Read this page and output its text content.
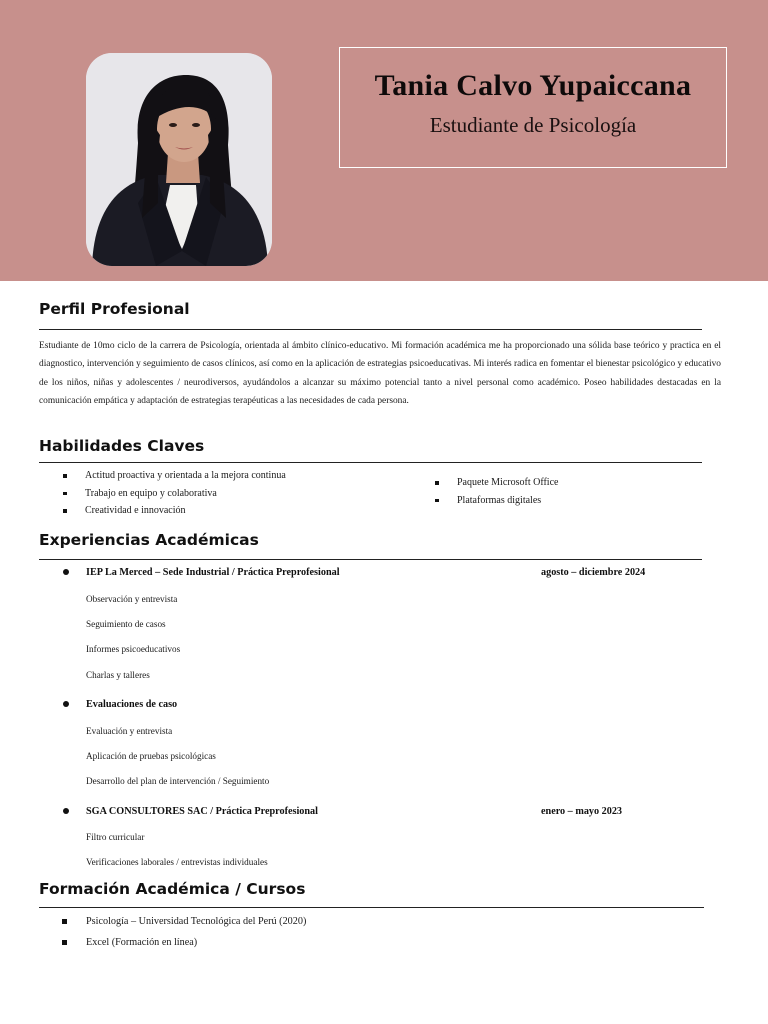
Tania Calvo Yupaiccana
Estudiante de Psicología
Perfil Profesional

Estudiante de 10mo ciclo de la carrera de Psicología, orientada al ámbito clínico-educativo. Mi formación académica me ha proporcionado una sólida base teórico y practica en el diagnostico, intervención y seguimiento de casos clínicos, así como en la aplicación de estrategias psicoeducativas. Mi interés radica en fomentar el bienestar psicológico y educativo de los niños, niñas y adolescentes / neurodiversos, ayudándolos a alcanzar su máximo potencial tanto a nivel personal como académico. Poseo habilidades destacadas en la comunicación empática y adaptación de estrategias terapéuticas a las necesidades de cada persona.

Habilidades Claves
Actitud proactiva y orientada a la mejora continua
Trabajo en equipo y colaborativa
Creatividad e innovación
Paquete Microsoft Office
Plataformas digitales
Experiencias Académicas
IEP La Merced – Sede Industrial / Práctica Preprofesional	agosto – diciembre 2024
Observación y entrevista
Seguimiento de casos
Informes psicoeducativos
Charlas y talleres
Evaluaciones de caso
Evaluación y entrevista
Aplicación de pruebas psicológicas
Desarrollo del plan de intervención / Seguimiento
SGA CONSULTORES SAC / Práctica Preprofesional	enero – mayo 2023
Filtro curricular
Verificaciones laborales / entrevistas individuales
Formación Académica / Cursos
Psicología – Universidad Tecnológica del Perú (2020)
Excel (Formación en línea)
